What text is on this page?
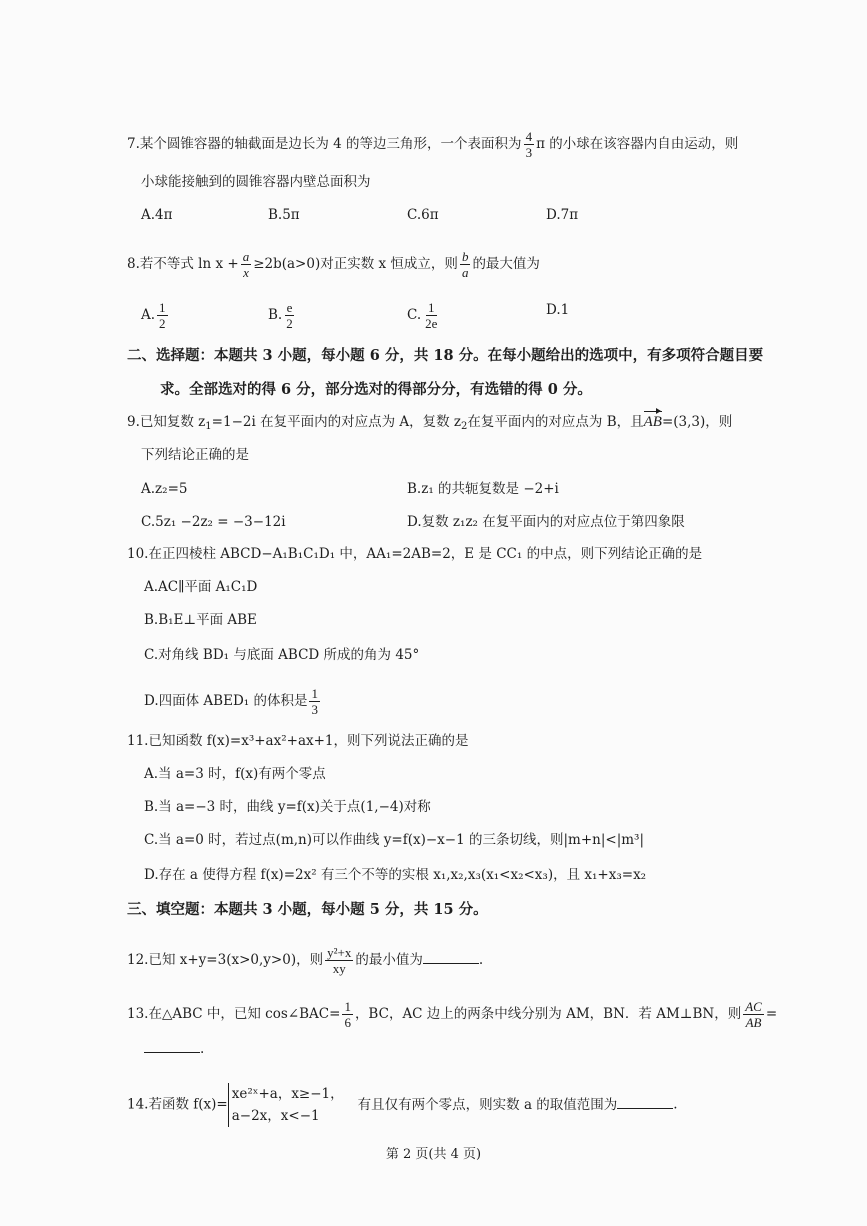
7.某个圆锥容器的轴截面是边长为 4 的等边三角形，一个表面积为 $\frac{4}{3}$ π 的小球在该容器内自由运动，则
小球能接触到的圆锥容器内壁总面积为
A.4π	B.5π	C.6π	D.7π
8.若不等式 $\ln x + \frac{a}{x} \ge 2b(a>0)$对正实数 x 恒成立，则 $\frac{b}{a}$ 的最大值为
A. $\frac{1}{2}$	B. $\frac{e}{2}$	C. $\frac{1}{2e}$	D.1
二、选择题：本题共 3 小题，每小题 6 分，共 18 分。在每小题给出的选项中，有多项符合题目要
求。全部选对的得 6 分，部分选对的得部分分，有选错的得 0 分。
9.已知复数 $z_1=1-2i$ 在复平面内的对应点为 A，复数 $z_2$在复平面内的对应点为 B，且AB=(3,3)，则
下列结论正确的是
A.z₂=5	B.z₁ 的共轭复数是 −2+i
C.5z₁ −2z₂ = −3−12i	D.复数 z₁z₂ 在复平面内的对应点位于第四象限
10.在正四棱柱 ABCD−A₁B₁C₁D₁ 中，AA₁=2AB=2，E 是 CC₁ 的中点，则下列结论正确的是
A.AC∥平面 A₁C₁D
B.B₁E⊥平面 ABE
C.对角线 BD₁ 与底面 ABCD 所成的角为 45°
D.四面体 ABED₁ 的体积是 $\frac{1}{3}$
11.已知函数 f(x)=x³+ax²+ax+1，则下列说法正确的是
A.当 a=3 时，f(x)有两个零点
B.当 a=−3 时，曲线 y=f(x)关于点(1,−4)对称
C.当 a=0 时，若过点(m,n)可以作曲线 y=f(x)−x−1 的三条切线，则|m+n|<|m³|
D.存在 a 使得方程 f(x)=2x² 有三个不等的实根 x₁,x₂,x₃(x₁<x₂<x₃)，且 x₁+x₃=x₂
三、填空题：本题共 3 小题，每小题 5 分，共 15 分。
12.已知 x+y=3(x>0,y>0)，则 $\frac{\text{y²+x}}{xy}$ 的最小值为	.
13.在△ABC 中，已知 cos∠BAC= $\frac{1}{6}$ ，BC，AC 边上的两条中线分别为 AM，BN．若 AM⊥BN，则 $\frac{AC}{AB}$ =
.
14.若函数 f(x)=
xe²ˣ+a，x≥−1，
a−2x，x<−1
有且仅有两个零点，则实数 a 的取值范围为	.
第 2 页(共 4 页)
